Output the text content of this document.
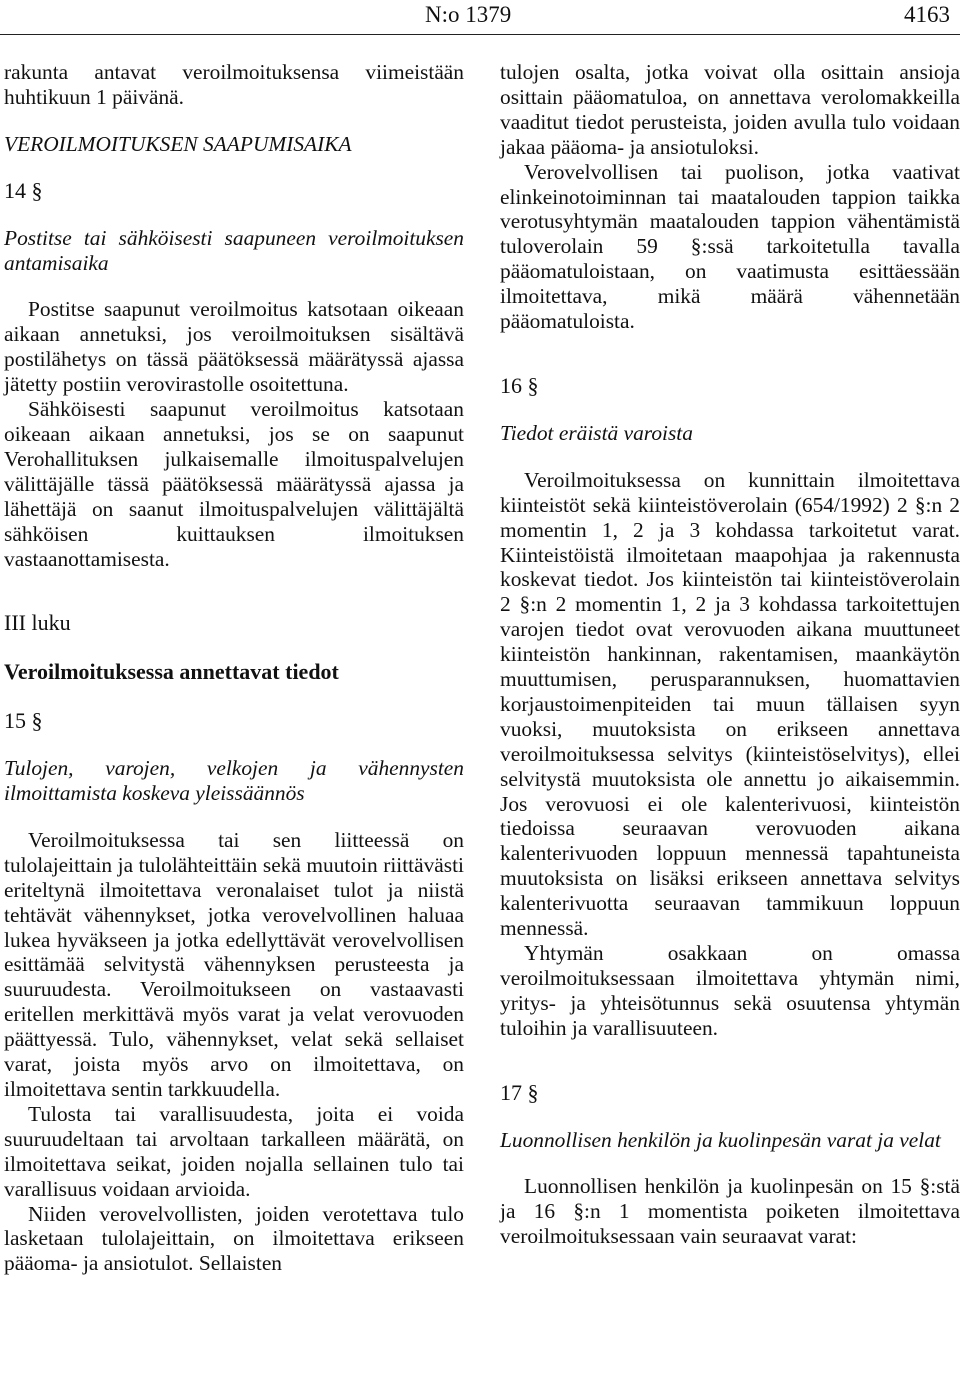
N:o 1379	4163

rakunta antavat veroilmoituksensa viimeistään huhtikuun 1 päivänä.

VEROILMOITUKSEN SAAPUMISAIKA

14 §

Postitse tai sähköisesti saapuneen veroilmoituksen antamisaika

Postitse saapunut veroilmoitus katsotaan oikeaan aikaan annetuksi, jos veroilmoituksen sisältävä postilähetys on tässä päätöksessä määrätyssä ajassa jätetty postiin verovirastolle osoitettuna.

Sähköisesti saapunut veroilmoitus katsotaan oikeaan aikaan annetuksi, jos se on saapunut Verohallituksen julkaisemalle ilmoituspalvelujen välittäjälle tässä päätöksessä määrätyssä ajassa ja lähettäjä on saanut ilmoituspalvelujen välittäjältä sähköisen kuittauksen ilmoituksen vastaanottamisesta.

III luku

Veroilmoituksessa annettavat tiedot

15 §

Tulojen, varojen, velkojen ja vähennysten ilmoittamista koskeva yleissäännös

Veroilmoituksessa tai sen liitteessä on tulolajeittain ja tulolähteittäin sekä muutoin riittävästi eriteltynä ilmoitettava veronalaiset tulot ja niistä tehtävät vähennykset, jotka verovelvollinen haluaa lukea hyväkseen ja jotka edellyttävät verovelvollisen esittämää selvitystä vähennyksen perusteesta ja suuruudesta. Veroilmoitukseen on vastaavasti eritellen merkittävä myös varat ja velat verovuoden päättyessä. Tulo, vähennykset, velat sekä sellaiset varat, joista myös arvo on ilmoitettava, on ilmoitettava sentin tarkkuudella.

Tulosta tai varallisuudesta, joita ei voida suuruudeltaan tai arvoltaan tarkalleen määrätä, on ilmoitettava seikat, joiden nojalla sellainen tulo tai varallisuus voidaan arvioida.

Niiden verovelvollisten, joiden verotettava tulo lasketaan tulolajeittain, on ilmoitettava erikseen pääoma- ja ansiotulot. Sellaisten

tulojen osalta, jotka voivat olla osittain ansioja osittain pääomatuloa, on annettava verolomakkeilla vaaditut tiedot perusteista, joiden avulla tulo voidaan jakaa pääoma- ja ansiotuloksi.

Verovelvollisen tai puolison, jotka vaativat elinkeinotoiminnan tai maatalouden tappion taikka verotusyhtymän maatalouden tappion vähentämistä tuloverolain 59 §:ssä tarkoitetulla tavalla pääomatuloistaan, on vaatimusta esittäessään ilmoitettava, mikä määrä vähennetään pääomatuloista.

16 §

Tiedot eräistä varoista

Veroilmoituksessa on kunnittain ilmoitettava kiinteistöt sekä kiinteistöverolain (654/1992) 2 §:n 2 momentin 1, 2 ja 3 kohdassa tarkoitetut varat. Kiinteistöistä ilmoitetaan maapohjaa ja rakennusta koskevat tiedot. Jos kiinteistön tai kiinteistöverolain 2 §:n 2 momentin 1, 2 ja 3 kohdassa tarkoitettujen varojen tiedot ovat verovuoden aikana muuttuneet kiinteistön hankinnan, rakentamisen, maankäytön muuttumisen, perusparannuksen, huomattavien korjaustoimenpiteiden tai muun tällaisen syyn vuoksi, muutoksista on erikseen annettava veroilmoituksessa selvitys (kiinteistöselvitys), ellei selvitystä muutoksista ole annettu jo aikaisemmin. Jos verovuosi ei ole kalenterivuosi, kiinteistön tiedoissa seuraavan verovuoden aikana kalenterivuoden loppuun mennessä tapahtuneista muutoksista on lisäksi erikseen annettava selvitys kalenterivuotta seuraavan tammikuun loppuun mennessä.

Yhtymän osakkaan on omassa veroilmoituksessaan ilmoitettava yhtymän nimi, yritys- ja yhteisötunnus sekä osuutensa yhtymän tuloihin ja varallisuuteen.

17 §

Luonnollisen henkilön ja kuolinpesän varat ja velat

Luonnollisen henkilön ja kuolinpesän on 15 §:stä ja 16 §:n 1 momentista poiketen ilmoitettava veroilmoituksessaan vain seuraavat varat:
